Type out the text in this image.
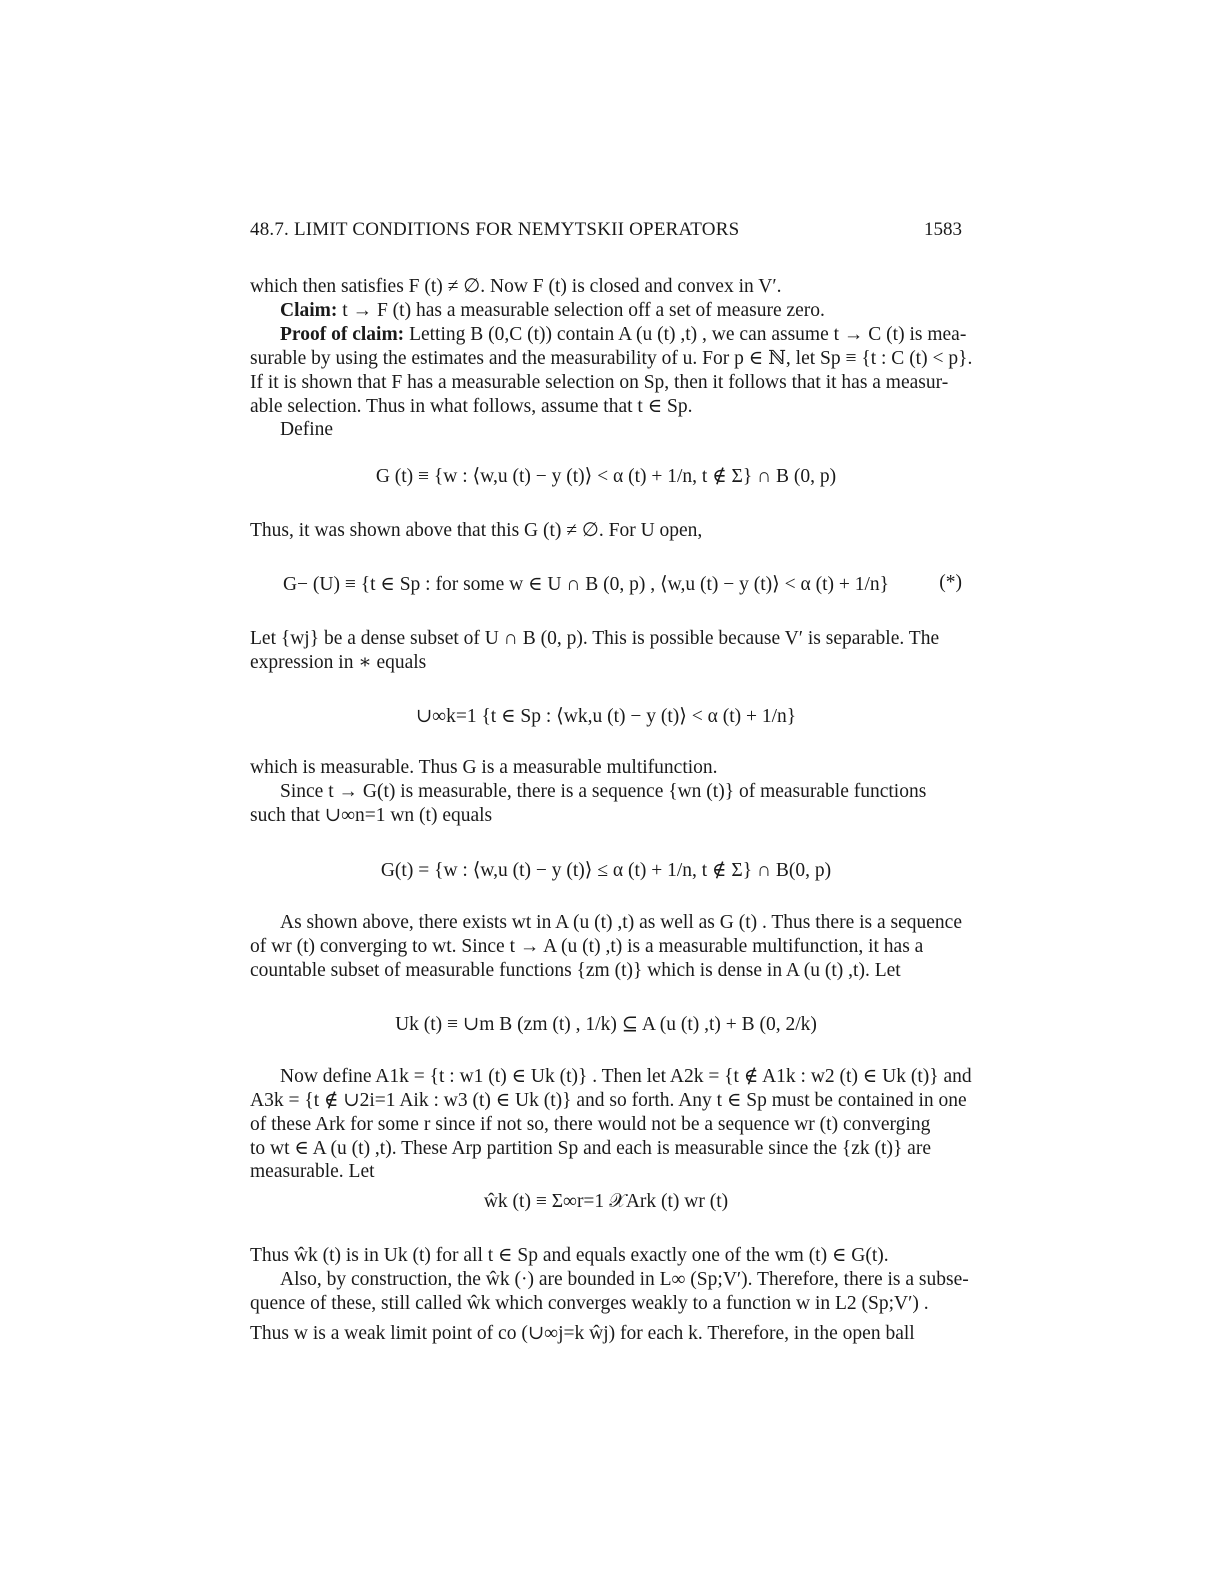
48.7. LIMIT CONDITIONS FOR NEMYTSKII OPERATORS	1583
which then satisfies F (t) ≠ ∅. Now F (t) is closed and convex in V′.
Claim: t → F (t) has a measurable selection off a set of measure zero.
Proof of claim: Letting B (0,C (t)) contain A (u (t) ,t) , we can assume t → C (t) is mea-
surable by using the estimates and the measurability of u. For p ∈ ℕ, let Sp ≡ {t : C (t) < p}.
If it is shown that F has a measurable selection on Sp, then it follows that it has a measur-
able selection. Thus in what follows, assume that t ∈ Sp.
Define
G (t) ≡ {w : ⟨w,u (t) − y (t)⟩ < α (t) + 1/n, t ∉ Σ} ∩ B (0, p)
Thus, it was shown above that this G (t) ≠ ∅. For U open,
G− (U) ≡ {t ∈ Sp : for some w ∈ U ∩ B (0, p) , ⟨w,u (t) − y (t)⟩ < α (t) + 1/n}	(*)
Let {wj} be a dense subset of U ∩ B (0, p). This is possible because V′ is separable. The
expression in ∗ equals
∪∞k=1 {t ∈ Sp : ⟨wk,u (t) − y (t)⟩ < α (t) + 1/n}
which is measurable. Thus G is a measurable multifunction.
Since t → G(t) is measurable, there is a sequence {wn (t)} of measurable functions
such that ∪∞n=1 wn (t) equals
G(t) = {w : ⟨w,u (t) − y (t)⟩ ≤ α (t) + 1/n, t ∉ Σ} ∩ B(0, p)
As shown above, there exists wt in A (u (t) ,t) as well as G (t) . Thus there is a sequence
of wr (t) converging to wt. Since t → A (u (t) ,t) is a measurable multifunction, it has a
countable subset of measurable functions {zm (t)} which is dense in A (u (t) ,t). Let
Uk (t) ≡ ∪m B (zm (t) , 1/k) ⊆ A (u (t) ,t) + B (0, 2/k)
Now define A1k = {t : w1 (t) ∈ Uk (t)} . Then let A2k = {t ∉ A1k : w2 (t) ∈ Uk (t)} and
A3k = {t ∉ ∪2i=1 Aik : w3 (t) ∈ Uk (t)} and so forth. Any t ∈ Sp must be contained in one
of these Ark for some r since if not so, there would not be a sequence wr (t) converging
to wt ∈ A (u (t) ,t). These Arp partition Sp and each is measurable since the {zk (t)} are
measurable. Let
ŵk (t) ≡ Σ∞r=1 𝒳Ark (t) wr (t)
Thus ŵk (t) is in Uk (t) for all t ∈ Sp and equals exactly one of the wm (t) ∈ G(t).
Also, by construction, the ŵk (·) are bounded in L∞ (Sp;V′). Therefore, there is a subse-
quence of these, still called ŵk which converges weakly to a function w in L2 (Sp;V′) .
Thus w is a weak limit point of co (∪∞j=k ŵj) for each k. Therefore, in the open ball
